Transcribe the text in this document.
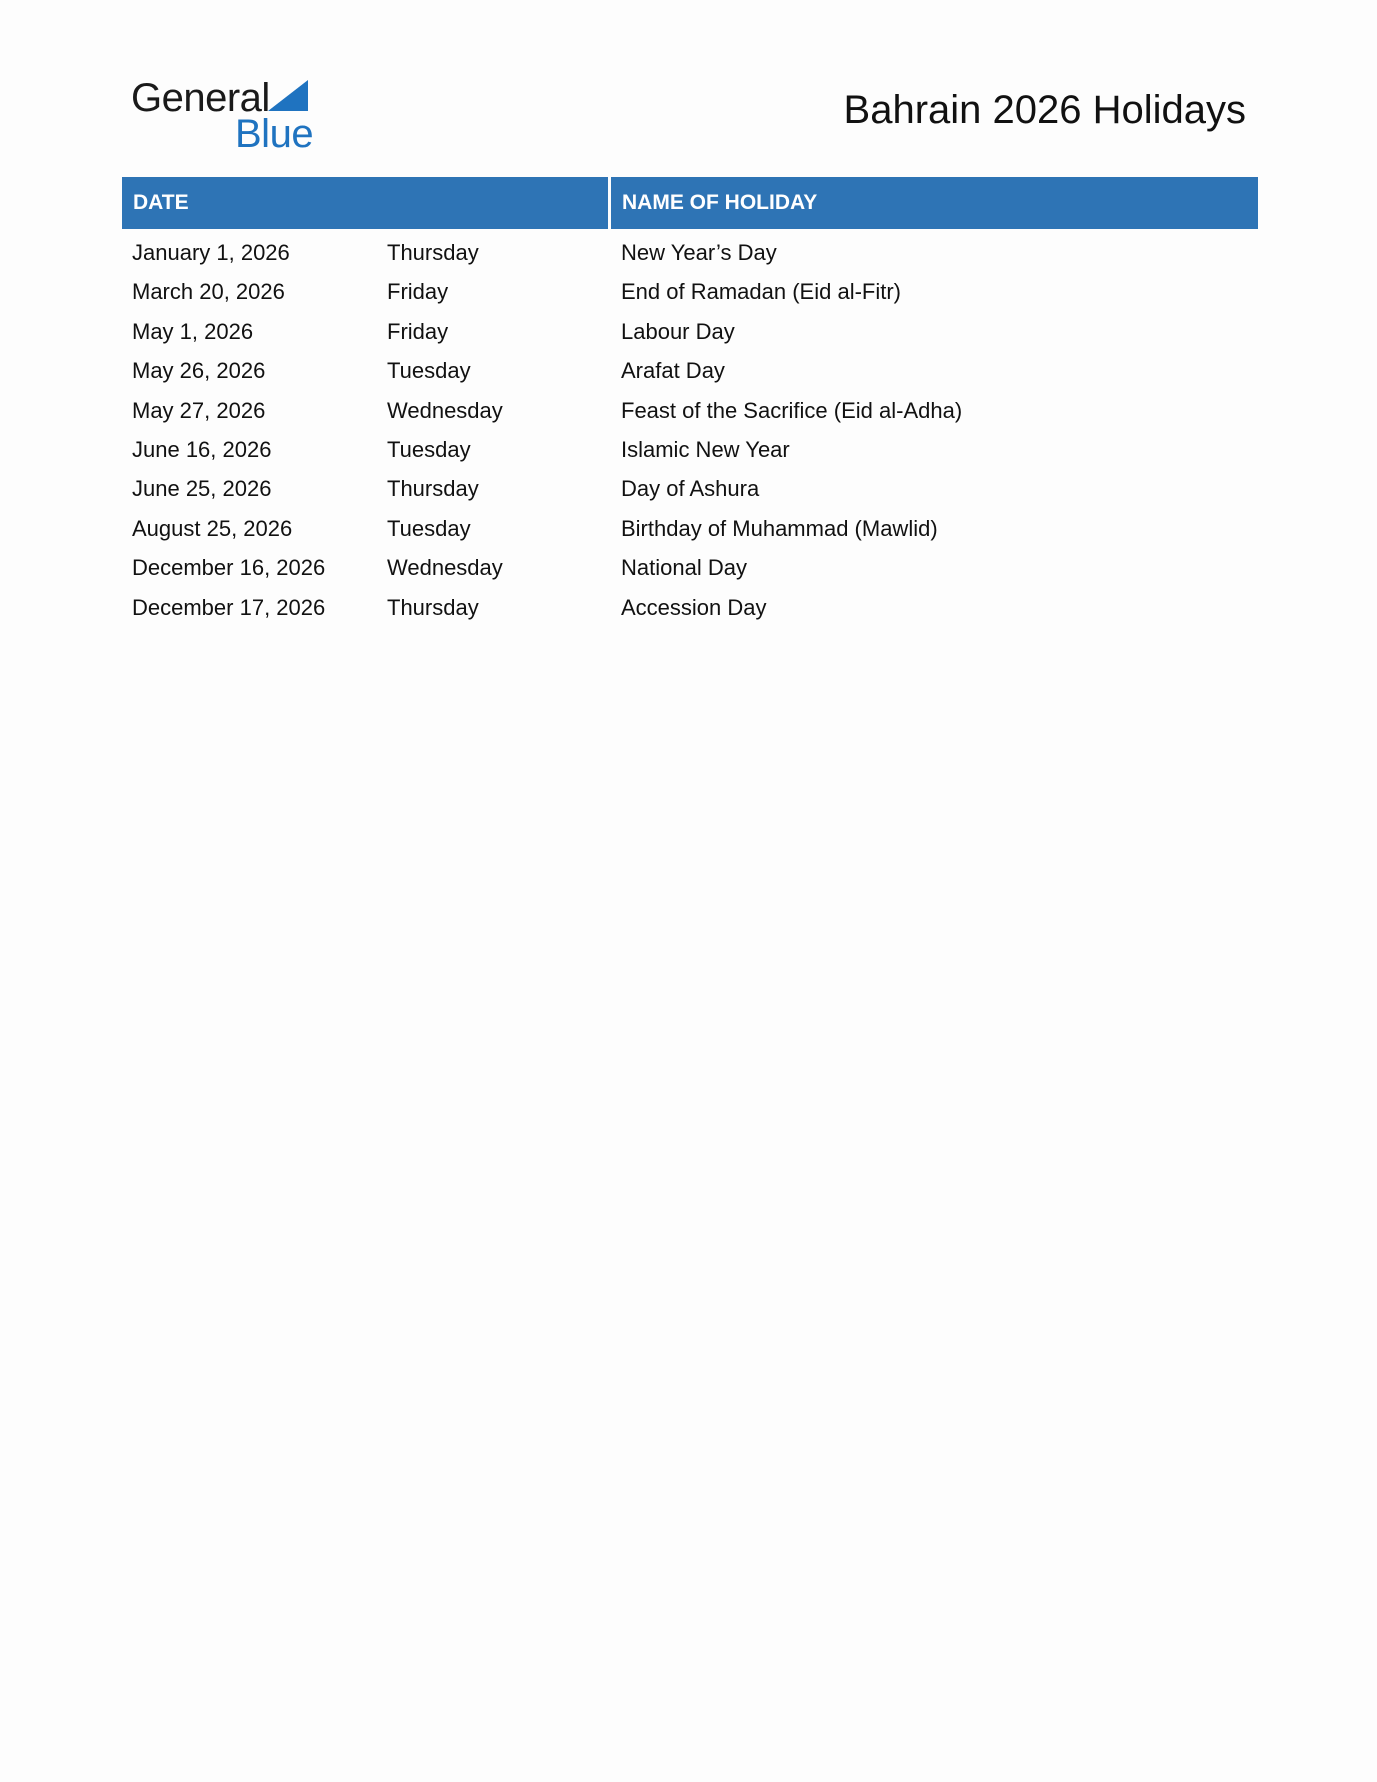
General
Blue
Bahrain 2026 Holidays
DATE	NAME OF HOLIDAY
January 1, 2026	Thursday	New Year’s Day
March 20, 2026	Friday	End of Ramadan (Eid al-Fitr)
May 1, 2026	Friday	Labour Day
May 26, 2026	Tuesday	Arafat Day
May 27, 2026	Wednesday	Feast of the Sacrifice (Eid al-Adha)
June 16, 2026	Tuesday	Islamic New Year
June 25, 2026	Thursday	Day of Ashura
August 25, 2026	Tuesday	Birthday of Muhammad (Mawlid)
December 16, 2026	Wednesday	National Day
December 17, 2026	Thursday	Accession Day
